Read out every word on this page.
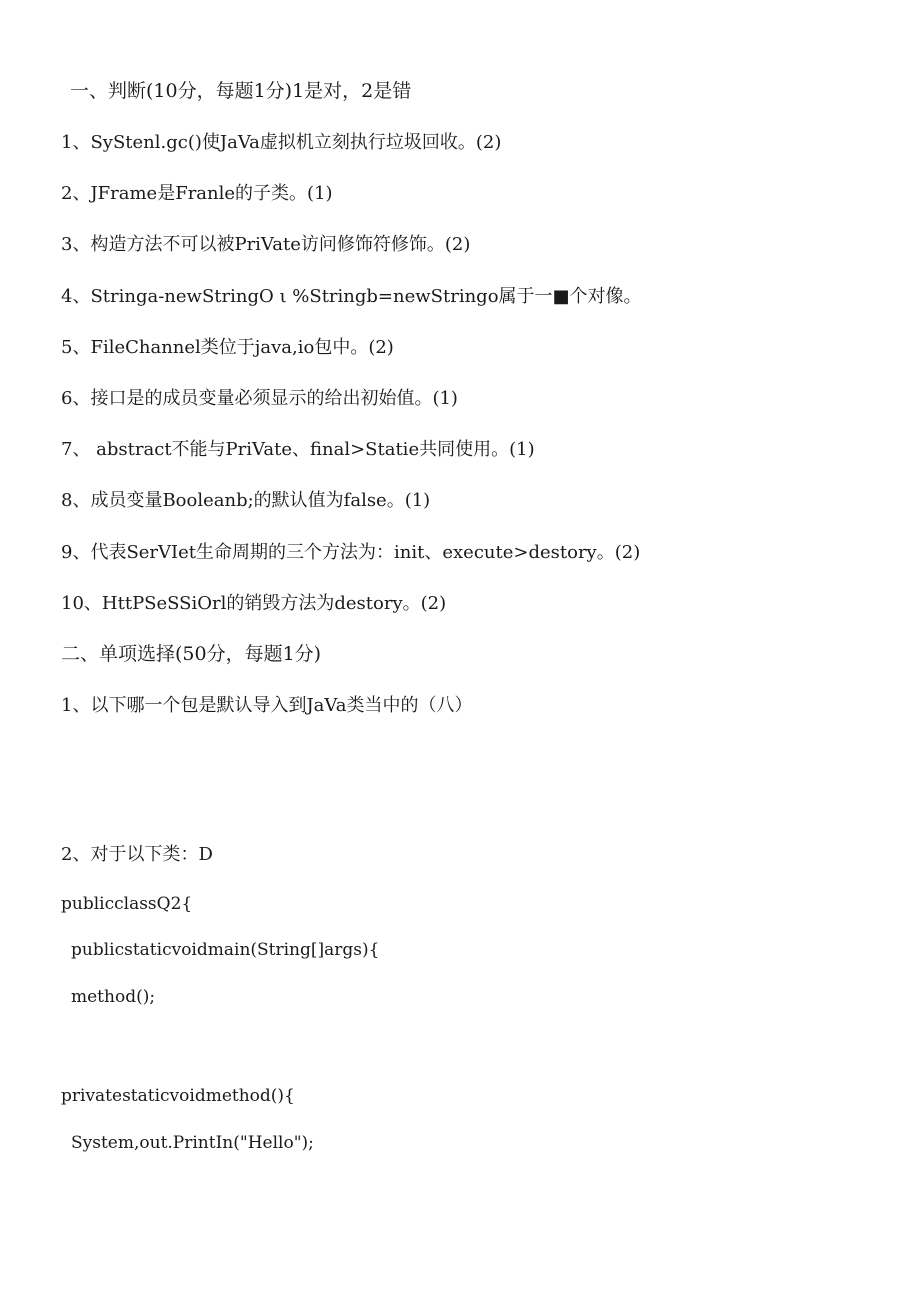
一、判断(10分，每题1分)1是对，2是错
1、SyStenl.gc()使JaVa虚拟机立刻执行垃圾回收。(2)
2、JFrame是Franle的子类。(1)
3、构造方法不可以被PriVate访问修饰符修饰。(2)
4、Stringa-newStringO ι %Stringb=newStringo属于一■个对像。
5、FileChannel类位于java,io包中。(2)
6、接口是的成员变量必须显示的给出初始值。(1)
7、 abstract不能与PriVate、final>Statie共同使用。(1)
8、成员变量Booleanb;的默认值为false。(1)
9、代表SerVIet生命周期的三个方法为：init、execute>destory。(2)
10、HttPSeSSiOrl的销毁方法为destory。(2)
二、单项选择(50分，每题1分)
1、以下哪一个包是默认导入到JaVa类当中的（八）
2、对于以下类：D
publicclassQ2{
publicstaticvoidmain(String[]args){
method();
privatestaticvoidmethod(){
System,out.PrintIn("Hello");
